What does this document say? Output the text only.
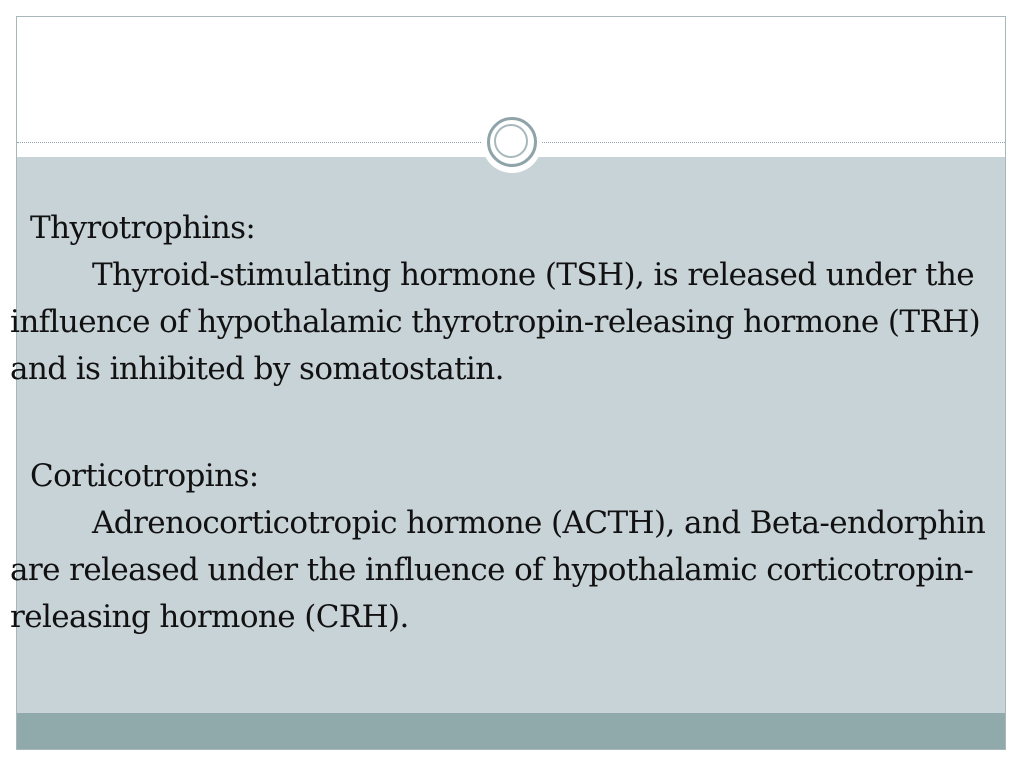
Thyrotrophins:

Thyroid-stimulating hormone (TSH), is released under the influence of hypothalamic thyrotropin-releasing hormone (TRH) and is inhibited by somatostatin.

Corticotropins:

Adrenocorticotropic hormone (ACTH), and Beta-endorphin are released under the influence of hypothalamic corticotropin-releasing hormone (CRH).
